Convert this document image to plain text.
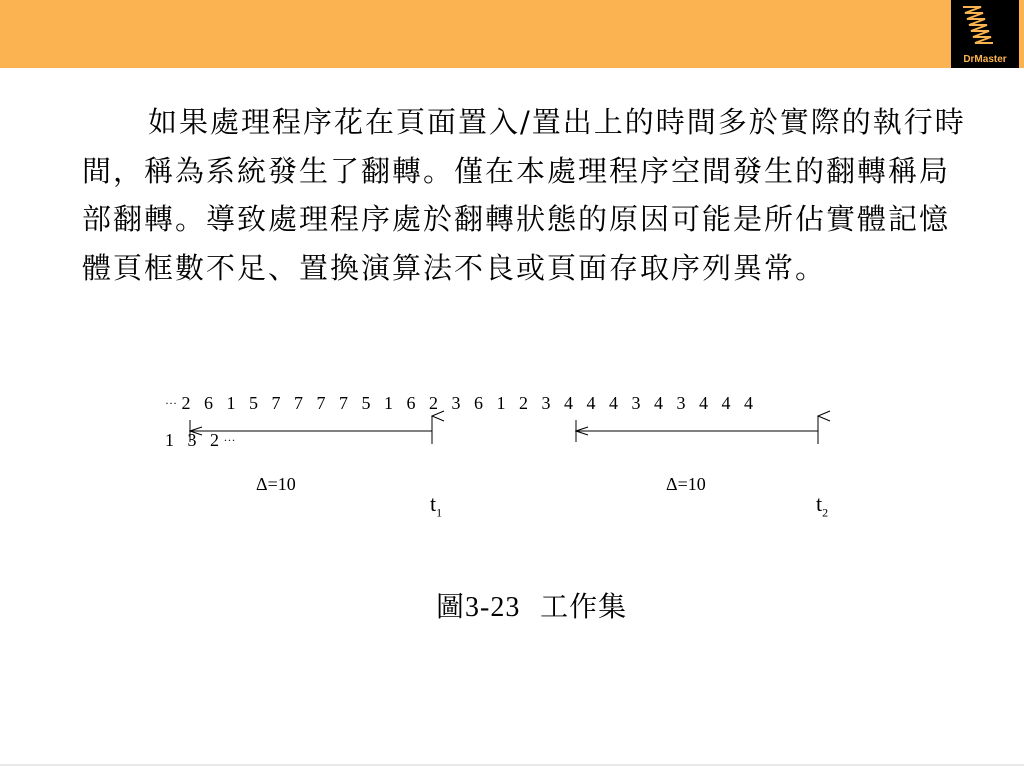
DrMaster
如果處理程序花在頁面置入/置出上的時間多於實際的執行時間，稱為系統發生了翻轉。僅在本處理程序空間發生的翻轉稱局部翻轉。導致處理程序處於翻轉狀態的原因可能是所佔實體記憶體頁框數不足、置換演算法不良或頁面存取序列異常。
… 2   6   1   5   7   7   7   7   5   1   6   2   3   6   1   2   3   4   4   4   3   4   3   4   4   4
1   3   2 …
Δ=10	Δ=10
$t_1$	$t_2$
圖3-23 工作集
